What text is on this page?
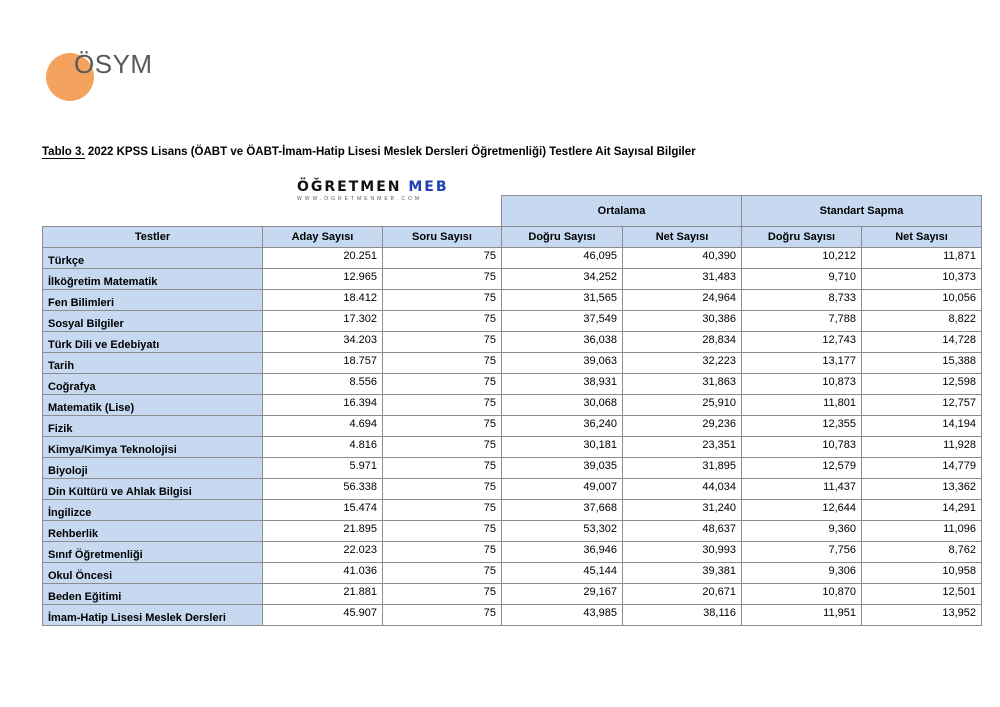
ÖSYM
Tablo 3. 2022 KPSS Lisans (ÖABT ve ÖABT-İmam-Hatip Lisesi Meslek Dersleri Öğretmenliği) Testlere Ait Sayısal Bilgiler
ÖĞRETMEN MEB
WWW.OGRETMENMEB.COM
			Ortalama		Standart Sapma	
Testler	Aday Sayısı	Soru Sayısı	Doğru Sayısı	Net Sayısı	Doğru Sayısı	Net Sayısı
Türkçe	20.251	75	46,095	40,390	10,212	11,871
İlköğretim Matematik	12.965	75	34,252	31,483	9,710	10,373
Fen Bilimleri	18.412	75	31,565	24,964	8,733	10,056
Sosyal Bilgiler	17.302	75	37,549	30,386	7,788	8,822
Türk Dili ve Edebiyatı	34.203	75	36,038	28,834	12,743	14,728
Tarih	18.757	75	39,063	32,223	13,177	15,388
Coğrafya	8.556	75	38,931	31,863	10,873	12,598
Matematik (Lise)	16.394	75	30,068	25,910	11,801	12,757
Fizik	4.694	75	36,240	29,236	12,355	14,194
Kimya/Kimya Teknolojisi	4.816	75	30,181	23,351	10,783	11,928
Biyoloji	5.971	75	39,035	31,895	12,579	14,779
Din Kültürü ve Ahlak Bilgisi	56.338	75	49,007	44,034	11,437	13,362
İngilizce	15.474	75	37,668	31,240	12,644	14,291
Rehberlik	21.895	75	53,302	48,637	9,360	11,096
Sınıf Öğretmenliği	22.023	75	36,946	30,993	7,756	8,762
Okul Öncesi	41.036	75	45,144	39,381	9,306	10,958
Beden Eğitimi	21.881	75	29,167	20,671	10,870	12,501
İmam-Hatip Lisesi Meslek Dersleri	45.907	75	43,985	38,116	11,951	13,952
